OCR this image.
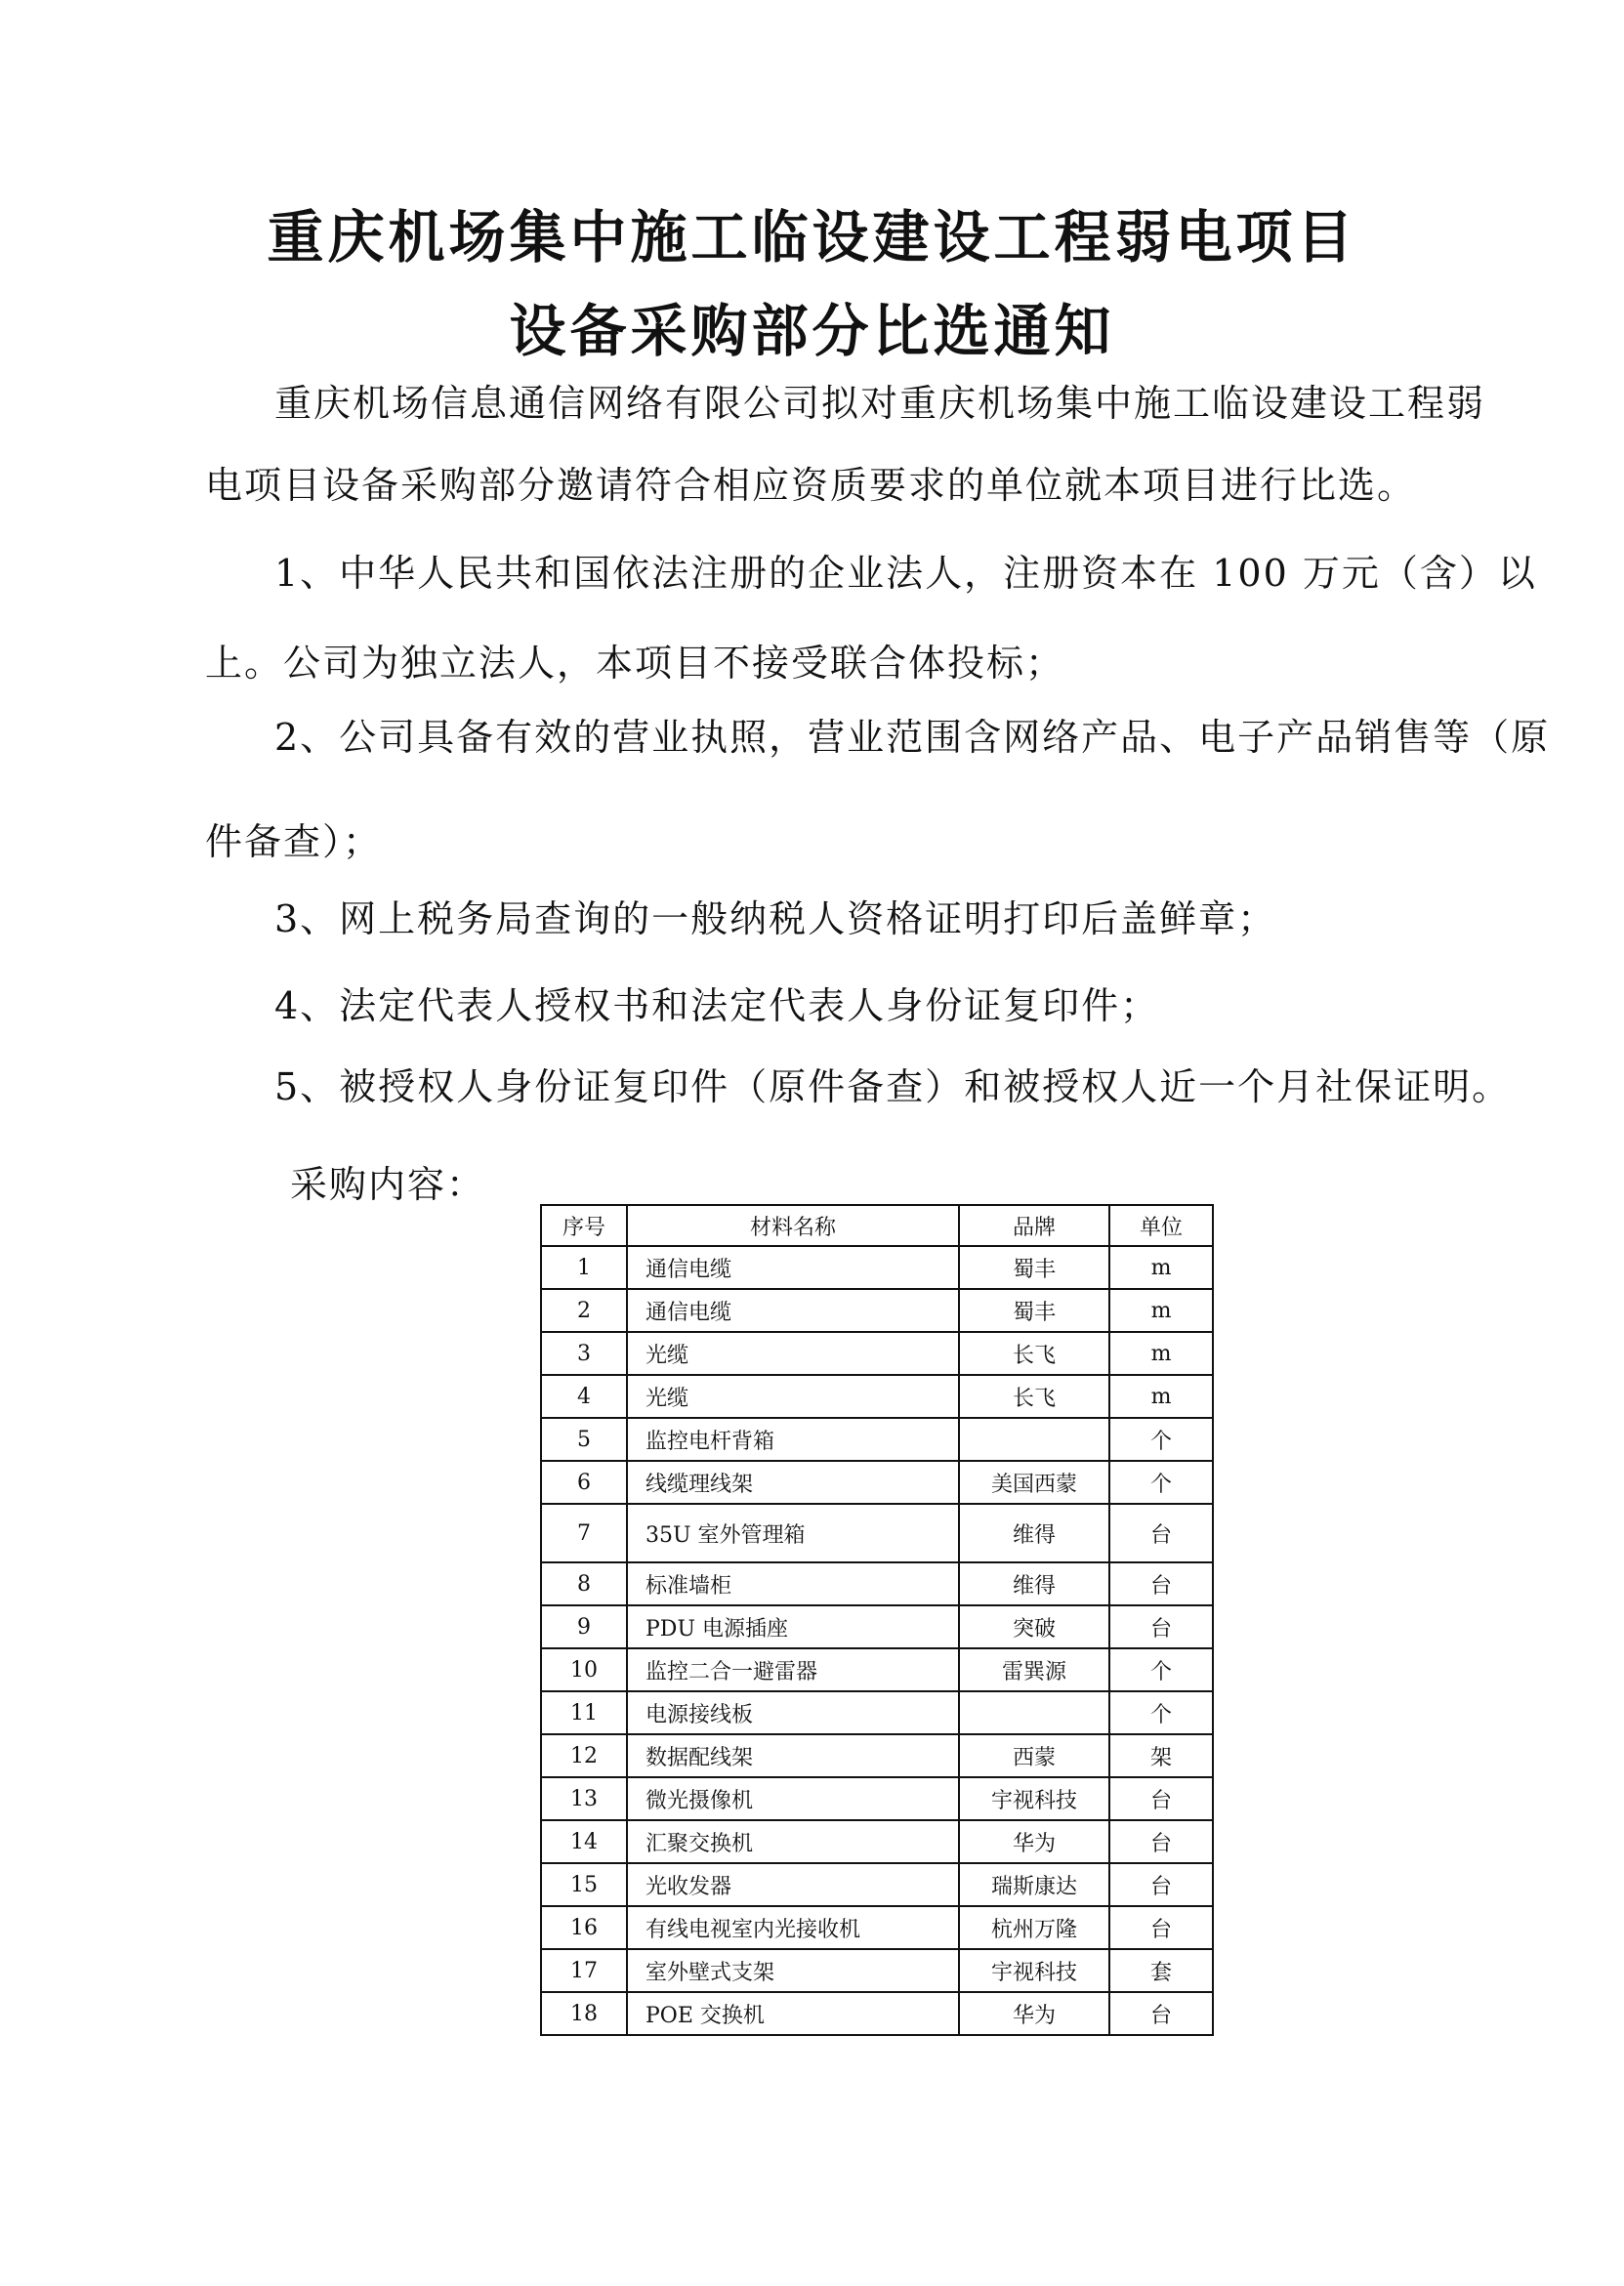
重庆机场集中施工临设建设工程弱电项目
设备采购部分比选通知
重庆机场信息通信网络有限公司拟对重庆机场集中施工临设建设工程弱
电项目设备采购部分邀请符合相应资质要求的单位就本项目进行比选。
1、中华人民共和国依法注册的企业法人，注册资本在 100 万元（含）以
上。公司为独立法人，本项目不接受联合体投标；
2、公司具备有效的营业执照，营业范围含网络产品、电子产品销售等（原
件备查）；
3、网上税务局查询的一般纳税人资格证明打印后盖鲜章；
4、法定代表人授权书和法定代表人身份证复印件；
5、被授权人身份证复印件（原件备查）和被授权人近一个月社保证明。
采购内容：
序号	材料名称	品牌	单位
1	通信电缆	蜀丰	m
2	通信电缆	蜀丰	m
3	光缆	长飞	m
4	光缆	长飞	m
5	监控电杆背箱		个
6	线缆理线架	美国西蒙	个
7	35U 室外管理箱	维得	台
8	标准墙柜	维得	台
9	PDU 电源插座	突破	台
10	监控二合一避雷器	雷巽源	个
11	电源接线板		个
12	数据配线架	西蒙	架
13	微光摄像机	宇视科技	台
14	汇聚交换机	华为	台
15	光收发器	瑞斯康达	台
16	有线电视室内光接收机	杭州万隆	台
17	室外壁式支架	宇视科技	套
18	POE 交换机	华为	台
